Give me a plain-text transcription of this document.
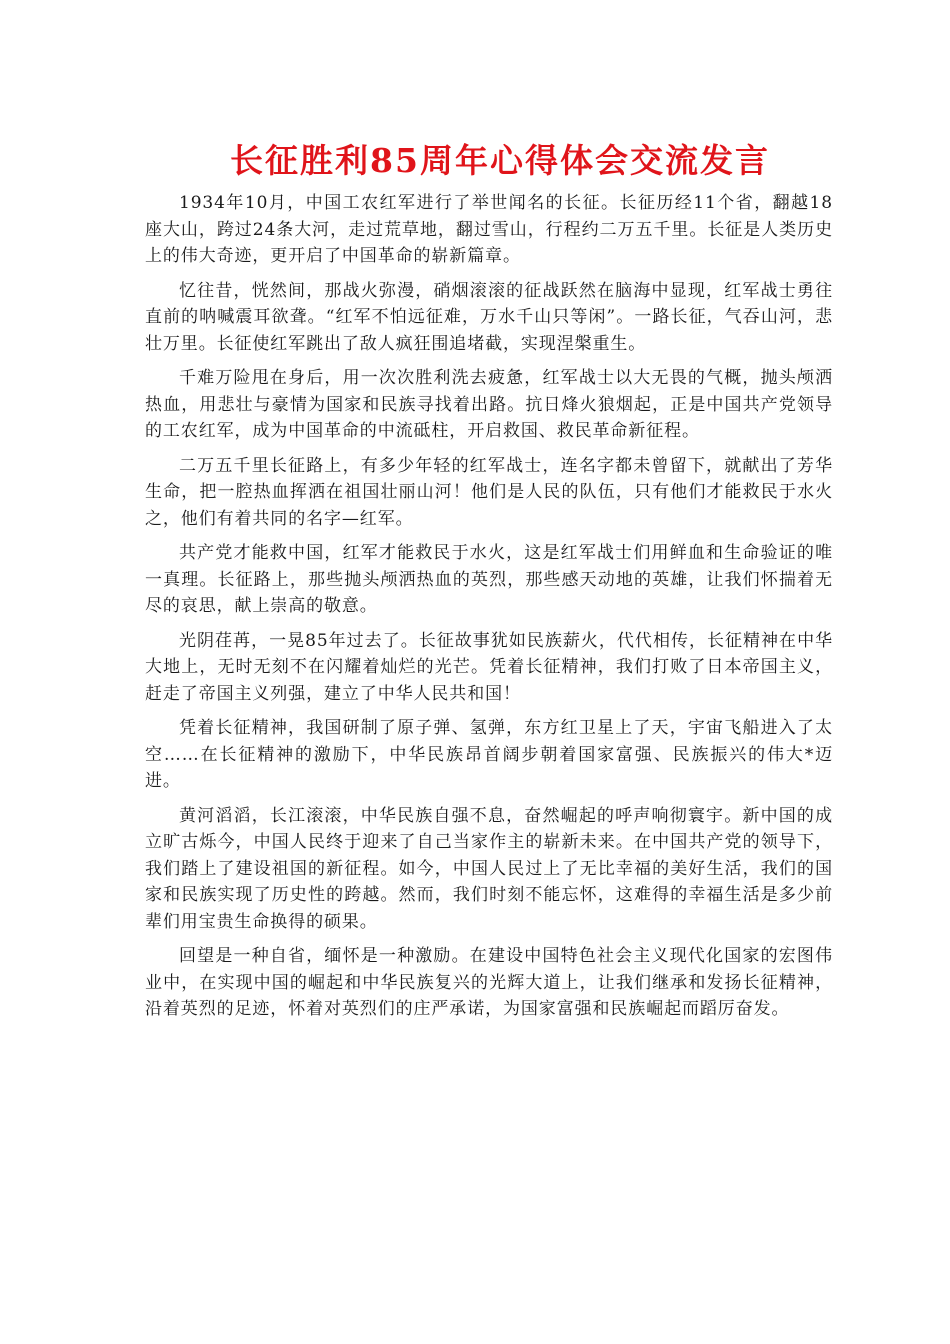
长征胜利85周年心得体会交流发言

1934年10月，中国工农红军进行了举世闻名的长征。长征历经11个省，翻越18座大山，跨过24条大河，走过荒草地，翻过雪山，行程约二万五千里。长征是人类历史上的伟大奇迹，更开启了中国革命的崭新篇章。

忆往昔，恍然间，那战火弥漫，硝烟滚滚的征战跃然在脑海中显现，红军战士勇往直前的呐喊震耳欲聋。“红军不怕远征难，万水千山只等闲”。一路长征，气吞山河，悲壮万里。长征使红军跳出了敌人疯狂围追堵截，实现涅槃重生。

千难万险甩在身后，用一次次胜利洗去疲惫，红军战士以大无畏的气概，抛头颅洒热血，用悲壮与豪情为国家和民族寻找着出路。抗日烽火狼烟起，正是中国共产党领导的工农红军，成为中国革命的中流砥柱，开启救国、救民革命新征程。

二万五千里长征路上，有多少年轻的红军战士，连名字都未曾留下，就献出了芳华生命，把一腔热血挥洒在祖国壮丽山河！他们是人民的队伍，只有他们才能救民于水火之，他们有着共同的名字—红军。

共产党才能救中国，红军才能救民于水火，这是红军战士们用鲜血和生命验证的唯一真理。长征路上，那些抛头颅洒热血的英烈，那些感天动地的英雄，让我们怀揣着无尽的哀思，献上崇高的敬意。

光阴荏苒，一晃85年过去了。长征故事犹如民族薪火，代代相传，长征精神在中华大地上，无时无刻不在闪耀着灿烂的光芒。凭着长征精神，我们打败了日本帝国主义，赶走了帝国主义列强，建立了中华人民共和国！

凭着长征精神，我国研制了原子弹、氢弹，东方红卫星上了天，宇宙飞船进入了太空……在长征精神的激励下，中华民族昂首阔步朝着国家富强、民族振兴的伟大*迈进。

黄河滔滔，长江滚滚，中华民族自强不息，奋然崛起的呼声响彻寰宇。新中国的成立旷古烁今，中国人民终于迎来了自己当家作主的崭新未来。在中国共产党的领导下，我们踏上了建设祖国的新征程。如今，中国人民过上了无比幸福的美好生活，我们的国家和民族实现了历史性的跨越。然而，我们时刻不能忘怀，这难得的幸福生活是多少前辈们用宝贵生命换得的硕果。

回望是一种自省，缅怀是一种激励。在建设中国特色社会主义现代化国家的宏图伟业中，在实现中国的崛起和中华民族复兴的光辉大道上，让我们继承和发扬长征精神，沿着英烈的足迹，怀着对英烈们的庄严承诺，为国家富强和民族崛起而蹈厉奋发。
